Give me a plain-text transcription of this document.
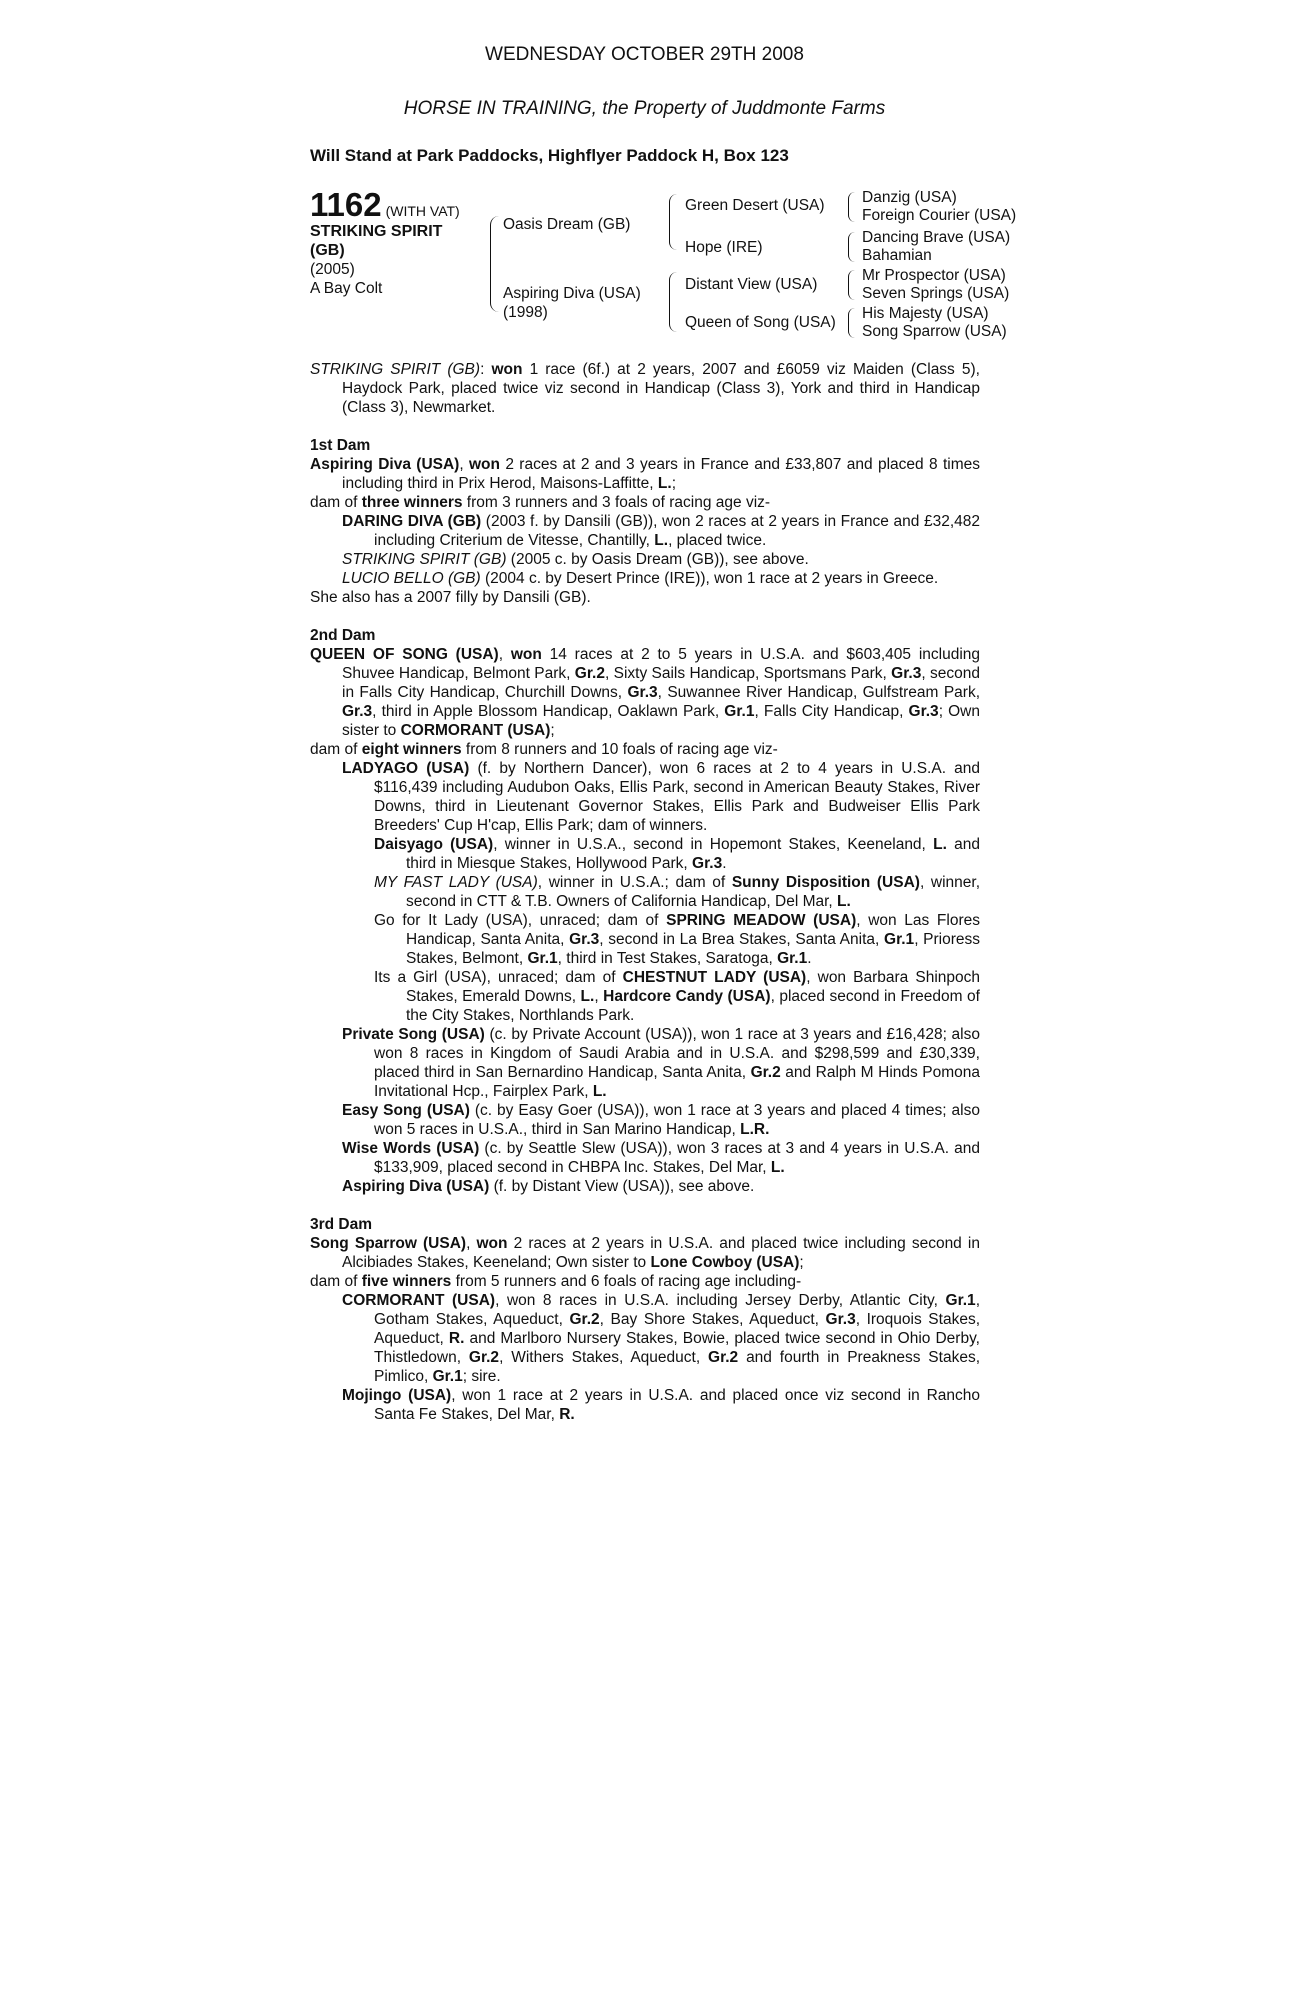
WEDNESDAY OCTOBER 29TH 2008
HORSE IN TRAINING, the Property of Juddmonte Farms
Will Stand at Park Paddocks, Highflyer Paddock H, Box 123
1162 (WITH VAT)
STRIKING SPIRIT
(GB)
(2005)
A Bay Colt
Oasis Dream (GB)
Aspiring Diva (USA)
(1998)
Green Desert (USA)
Hope (IRE)
Distant View (USA)
Queen of Song (USA)
Danzig (USA)
Foreign Courier (USA)
Dancing Brave (USA)
Bahamian
Mr Prospector (USA)
Seven Springs (USA)
His Majesty (USA)
Song Sparrow (USA)

STRIKING SPIRIT (GB): won 1 race (6f.) at 2 years, 2007 and £6059 viz Maiden (Class 5), Haydock Park, placed twice viz second in Handicap (Class 3), York and third in Handicap (Class 3), Newmarket.

1st Dam

Aspiring Diva (USA), won 2 races at 2 and 3 years in France and £33,807 and placed 8 times including third in Prix Herod, Maisons-Laffitte, L.;

dam of three winners from 3 runners and 3 foals of racing age viz-

DARING DIVA (GB) (2003 f. by Dansili (GB)), won 2 races at 2 years in France and £32,482 including Criterium de Vitesse, Chantilly, L., placed twice.

STRIKING SPIRIT (GB) (2005 c. by Oasis Dream (GB)), see above.

LUCIO BELLO (GB) (2004 c. by Desert Prince (IRE)), won 1 race at 2 years in Greece.

She also has a 2007 filly by Dansili (GB).

2nd Dam

QUEEN OF SONG (USA), won 14 races at 2 to 5 years in U.S.A. and $603,405 including Shuvee Handicap, Belmont Park, Gr.2, Sixty Sails Handicap, Sportsmans Park, Gr.3, second in Falls City Handicap, Churchill Downs, Gr.3, Suwannee River Handicap, Gulfstream Park, Gr.3, third in Apple Blossom Handicap, Oaklawn Park, Gr.1, Falls City Handicap, Gr.3; Own sister to CORMORANT (USA);

dam of eight winners from 8 runners and 10 foals of racing age viz-

LADYAGO (USA) (f. by Northern Dancer), won 6 races at 2 to 4 years in U.S.A. and $116,439 including Audubon Oaks, Ellis Park, second in American Beauty Stakes, River Downs, third in Lieutenant Governor Stakes, Ellis Park and Budweiser Ellis Park Breeders' Cup H'cap, Ellis Park; dam of winners.

Daisyago (USA), winner in U.S.A., second in Hopemont Stakes, Keeneland, L. and third in Miesque Stakes, Hollywood Park, Gr.3.

MY FAST LADY (USA), winner in U.S.A.; dam of Sunny Disposition (USA), winner, second in CTT & T.B. Owners of California Handicap, Del Mar, L.

Go for It Lady (USA), unraced; dam of SPRING MEADOW (USA), won Las Flores Handicap, Santa Anita, Gr.3, second in La Brea Stakes, Santa Anita, Gr.1, Prioress Stakes, Belmont, Gr.1, third in Test Stakes, Saratoga, Gr.1.

Its a Girl (USA), unraced; dam of CHESTNUT LADY (USA), won Barbara Shinpoch Stakes, Emerald Downs, L., Hardcore Candy (USA), placed second in Freedom of the City Stakes, Northlands Park.

Private Song (USA) (c. by Private Account (USA)), won 1 race at 3 years and £16,428; also won 8 races in Kingdom of Saudi Arabia and in U.S.A. and $298,599 and £30,339, placed third in San Bernardino Handicap, Santa Anita, Gr.2 and Ralph M Hinds Pomona Invitational Hcp., Fairplex Park, L.

Easy Song (USA) (c. by Easy Goer (USA)), won 1 race at 3 years and placed 4 times; also won 5 races in U.S.A., third in San Marino Handicap, L.R.

Wise Words (USA) (c. by Seattle Slew (USA)), won 3 races at 3 and 4 years in U.S.A. and $133,909, placed second in CHBPA Inc. Stakes, Del Mar, L.

Aspiring Diva (USA) (f. by Distant View (USA)), see above.

3rd Dam

Song Sparrow (USA), won 2 races at 2 years in U.S.A. and placed twice including second in Alcibiades Stakes, Keeneland; Own sister to Lone Cowboy (USA);

dam of five winners from 5 runners and 6 foals of racing age including-

CORMORANT (USA), won 8 races in U.S.A. including Jersey Derby, Atlantic City, Gr.1, Gotham Stakes, Aqueduct, Gr.2, Bay Shore Stakes, Aqueduct, Gr.3, Iroquois Stakes, Aqueduct, R. and Marlboro Nursery Stakes, Bowie, placed twice second in Ohio Derby, Thistledown, Gr.2, Withers Stakes, Aqueduct, Gr.2 and fourth in Preakness Stakes, Pimlico, Gr.1; sire.

Mojingo (USA), won 1 race at 2 years in U.S.A. and placed once viz second in Rancho Santa Fe Stakes, Del Mar, R.
